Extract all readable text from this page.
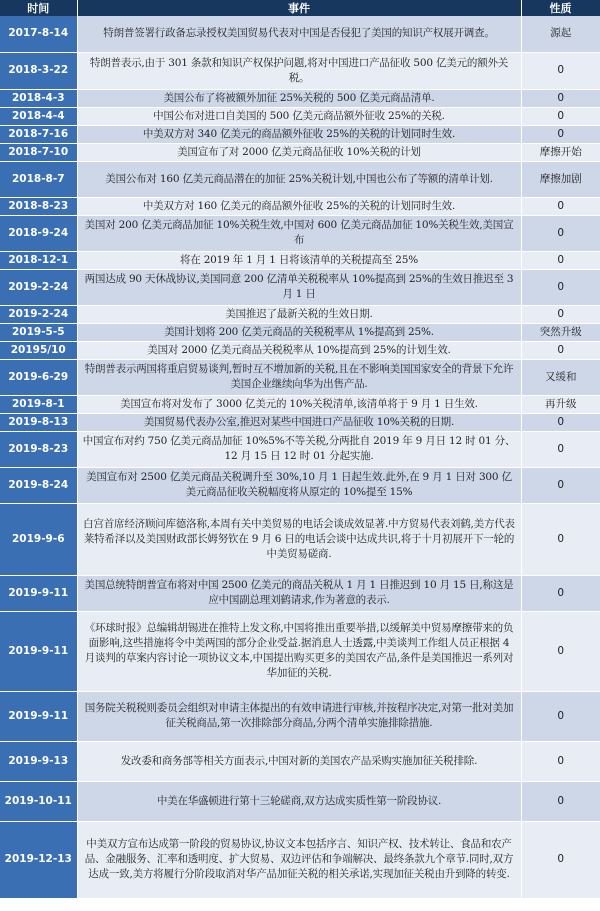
时间	事件	性质
2017-8-14	特朗普签署行政备忘录授权美国贸易代表对中国是否侵犯了美国的知识产权展开调查。	源起
2018-3-22	特朗普表示,由于 301 条款和知识产权保护问题,将对中国进口产品征收 500 亿美元的额外关税。	0
2018-4-3	美国公布了将被额外加征 25%关税的 500 亿美元商品清单.	0
2018-4-4	中国公布对进口自美国的 500 亿美元商品额外征收 25%的关税.	0
2018-7-16	中美双方对 340 亿美元的商品额外征收 25%的关税的计划同时生效.	0
2018-7-10	美国宣布了对 2000 亿美元商品征收 10%关税的计划	摩擦开始
2018-8-7	美国公布对 160 亿美元商品潜在的加征 25%关税计划,中国也公布了等额的清单计划.	摩擦加剧
2018-8-23	中美双方对 160 亿美元的商品额外征收 25%的关税的计划同时生效.	0
2018-9-24	美国对 200 亿美元商品加征 10%关税生效,中国对 600 亿美元商品加征 10%关税生效,美国宣布	0
2018-12-1	将在 2019 年 1 月 1 日将该清单的关税提高至 25%	0
2019-2-24	两国达成 90 天休战协议,美国同意 200 亿清单关税税率从 10%提高到 25%的生效日推迟至 3 月 1 日	0
2019-2-24	美国推迟了最新关税的生效日期.	0
2019-5-5	美国计划将 200 亿美元商品的关税税率从 1%提高到 25%.	突然升级
20195/10	美国对 2000 亿美元商品关税税率从 10%提高到 25%的计划生效.	0
2019-6-29	特朗普表示两国将重启贸易谈判,暂时互不增加新的关税,且在不影响美国国家安全的背景下允许美国企业继续向华为出售产品.	又缓和
2019-8-1	美国宣布将对发布了 3000 亿美元的 10%关税清单,该清单将于 9 月 1 日生效.	再升级
2019-8-13	美国贸易代表办公室,推迟对某些中国进口产品征收 10%关税的日期.	0
2019-8-23	中国宣布对约 750 亿美元商品加征 10%5%不等关税,分两批自 2019 年 9 月日 12 时 01 分、12 月 15 日 12 时 01 分起实施.	0
2019-8-24	美国宣布对 2500 亿美元商品关税调升至 30%,10 月 1 日起生效.此外,在 9 月 1 日对 300 亿美元商品征收关税幅度将从原定的 10%提至 15%	0
2019-9-6	白宫首席经济顾问库德洛称,本周有关中美贸易的电话会谈成效显著.中方贸易代表刘鹤,美方代表莱特希泽以及美国财政部长姆努钦在 9 月 6 日的电话会谈中达成共识,将于十月初展开下一轮的中美贸易磋商.	0
2019-9-11	美国总统特朗普宣布将对中国 2500 亿美元的商品关税从 1 月 1 日推迟到 10 月 15 日,称这是应中国副总理刘鹤请求,作为著意的表示.	0
2019-9-11	《环球时报》总编辑胡锡进在推特上发文称,中国将推出重要举措,以缓解美中贸易摩擦带来的负面影响,这些措施将令中美两国的部分企业受益.据消息人士透露,中美谈判工作组人员正根据 4 月谈判的草案内容讨论一项协议文本,中国提出购买更多的美国农产品,条件是美国推迟一系列对华加征的关税.	0
2019-9-11	国务院关税税则委员会组织对申请主体提出的有效申请进行审核,并按程序决定,对第一批对美加征关税商品,第一次排除部分商品,分两个清单实施排除措施.	0
2019-9-13	发改委和商务部等相关方面表示,中国对新的美国农产品采购实施加征关税排除.	0
2019-10-11	中美在华盛顿进行第十三轮磋商,双方达成实质性第一阶段协议.	0
2019-12-13	中美双方宣布达成第一阶段的贸易协议,协议文本包括序言、知识产权、技术转让、食品和农产品、金融服务、汇率和透明度、扩大贸易、双边评估和争端解决、最终条款九个章节.同时,双方达成一致,美方将履行分阶段取消对华产品加征关税的相关承诺,实现加征关税由升到降的转变.	0
